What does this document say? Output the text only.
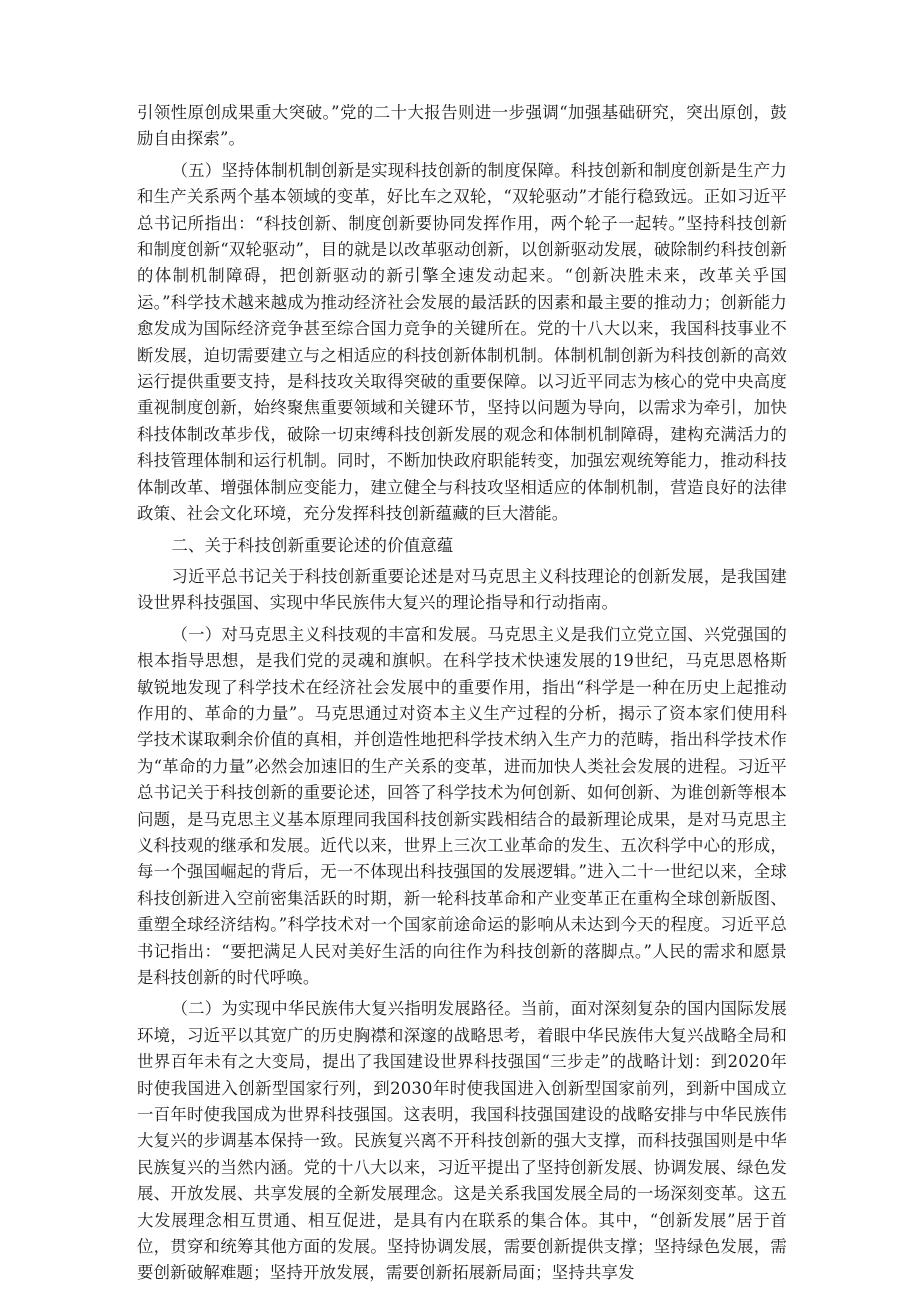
引领性原创成果重大突破。”党的二十大报告则进一步强调“加强基础研究，突出原创，鼓励自由探索”。

（五）坚持体制机制创新是实现科技创新的制度保障。科技创新和制度创新是生产力和生产关系两个基本领域的变革，好比车之双轮，“双轮驱动”才能行稳致远。正如习近平总书记所指出：“科技创新、制度创新要协同发挥作用，两个轮子一起转。”坚持科技创新和制度创新“双轮驱动”，目的就是以改革驱动创新，以创新驱动发展，破除制约科技创新的体制机制障碍，把创新驱动的新引擎全速发动起来。“创新决胜未来，改革关乎国运。”科学技术越来越成为推动经济社会发展的最活跃的因素和最主要的推动力；创新能力愈发成为国际经济竞争甚至综合国力竞争的关键所在。党的十八大以来，我国科技事业不断发展，迫切需要建立与之相适应的科技创新体制机制。体制机制创新为科技创新的高效运行提供重要支持，是科技攻关取得突破的重要保障。以习近平同志为核心的党中央高度重视制度创新，始终聚焦重要领域和关键环节，坚持以问题为导向，以需求为牵引，加快科技体制改革步伐，破除一切束缚科技创新发展的观念和体制机制障碍，建构充满活力的科技管理体制和运行机制。同时，不断加快政府职能转变，加强宏观统筹能力，推动科技体制改革、增强体制应变能力，建立健全与科技攻坚相适应的体制机制，营造良好的法律政策、社会文化环境，充分发挥科技创新蕴藏的巨大潜能。

二、关于科技创新重要论述的价值意蕴

习近平总书记关于科技创新重要论述是对马克思主义科技理论的创新发展，是我国建设世界科技强国、实现中华民族伟大复兴的理论指导和行动指南。

（一）对马克思主义科技观的丰富和发展。马克思主义是我们立党立国、兴党强国的根本指导思想，是我们党的灵魂和旗帜。在科学技术快速发展的19世纪，马克思恩格斯敏锐地发现了科学技术在经济社会发展中的重要作用，指出“科学是一种在历史上起推动作用的、革命的力量”。马克思通过对资本主义生产过程的分析，揭示了资本家们使用科学技术谋取剩余价值的真相，并创造性地把科学技术纳入生产力的范畴，指出科学技术作为“革命的力量”必然会加速旧的生产关系的变革，进而加快人类社会发展的进程。习近平总书记关于科技创新的重要论述，回答了科学技术为何创新、如何创新、为谁创新等根本问题，是马克思主义基本原理同我国科技创新实践相结合的最新理论成果，是对马克思主义科技观的继承和发展。近代以来，世界上三次工业革命的发生、五次科学中心的形成，每一个强国崛起的背后，无一不体现出科技强国的发展逻辑。”进入二十一世纪以来，全球科技创新进入空前密集活跃的时期，新一轮科技革命和产业变革正在重构全球创新版图、重塑全球经济结构。”科学技术对一个国家前途命运的影响从未达到今天的程度。习近平总书记指出：“要把满足人民对美好生活的向往作为科技创新的落脚点。”人民的需求和愿景是科技创新的时代呼唤。

（二）为实现中华民族伟大复兴指明发展路径。当前，面对深刻复杂的国内国际发展环境，习近平以其宽广的历史胸襟和深邃的战略思考，着眼中华民族伟大复兴战略全局和世界百年未有之大变局，提出了我国建设世界科技强国“三步走”的战略计划：到2020年时使我国进入创新型国家行列，到2030年时使我国进入创新型国家前列，到新中国成立一百年时使我国成为世界科技强国。这表明，我国科技强国建设的战略安排与中华民族伟大复兴的步调基本保持一致。民族复兴离不开科技创新的强大支撑，而科技强国则是中华民族复兴的当然内涵。党的十八大以来，习近平提出了坚持创新发展、协调发展、绿色发展、开放发展、共享发展的全新发展理念。这是关系我国发展全局的一场深刻变革。这五大发展理念相互贯通、相互促进，是具有内在联系的集合体。其中，“创新发展”居于首位，贯穿和统筹其他方面的发展。坚持协调发展，需要创新提供支撑；坚持绿色发展，需要创新破解难题；坚持开放发展，需要创新拓展新局面；坚持共享发
